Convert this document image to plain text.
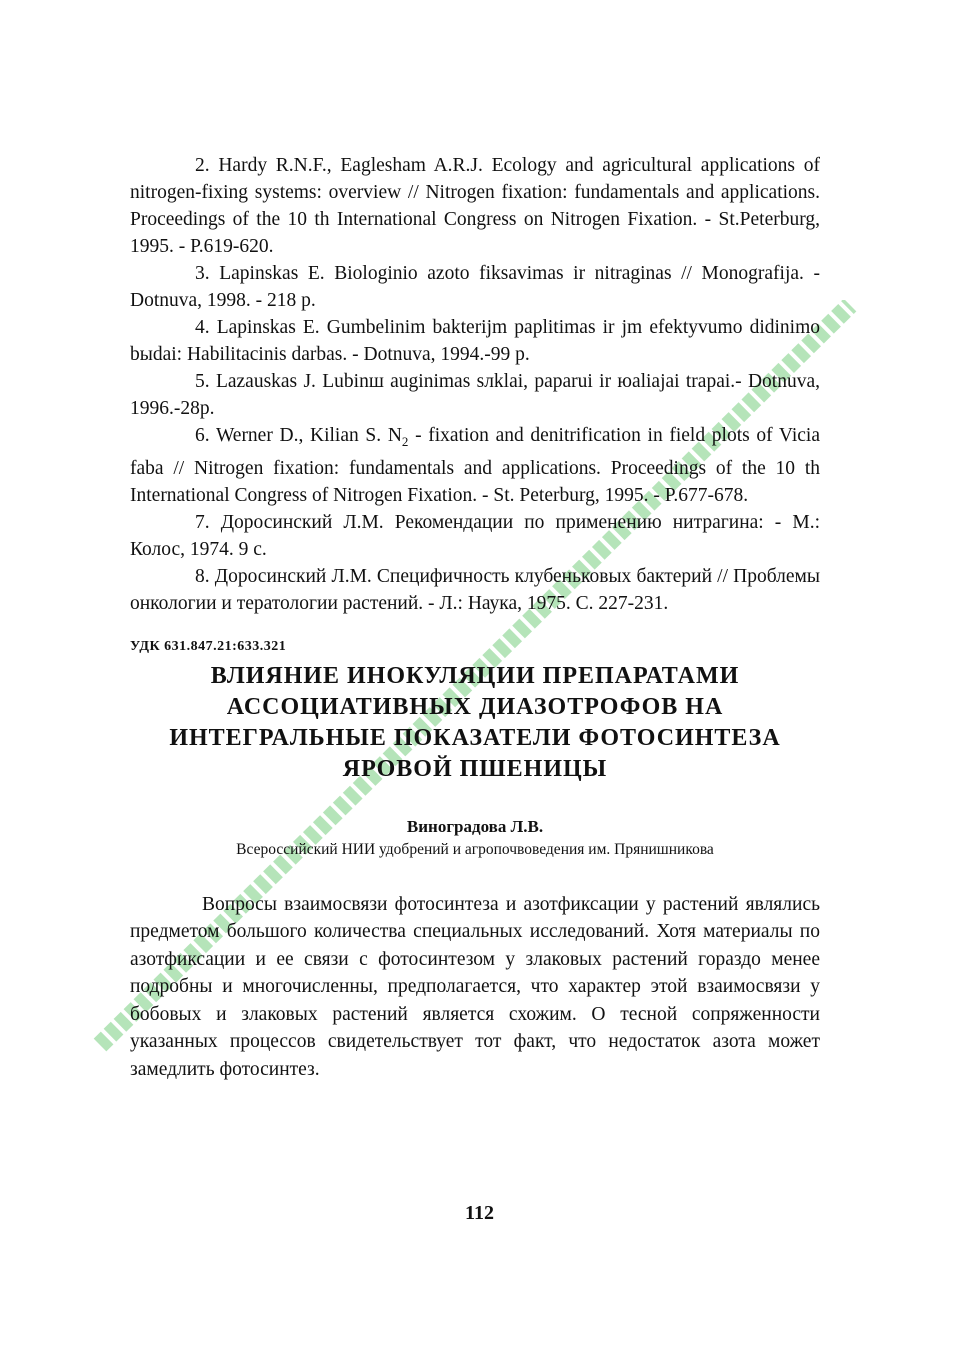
2. Hardy R.N.F., Eaglesham A.R.J. Ecology and agricultural applications of nitrogen-fixing systems: overview // Nitrogen fixation: fundamentals and applications. Proceedings of the 10 th International Congress on Nitrogen Fixation. - St.Peterburg, 1995. - P.619-620.

3. Lapinskas E. Biologinio azoto fiksavimas ir nitraginas // Monografija. - Dotnuva, 1998. - 218 p.

4. Lapinskas E. Gumbelinim bakterijm paplitimas ir jm efektyvumo didinimo bыdai: Habilitacinis darbas. - Dotnuva, 1994.-99 p.

5. Lazauskas J. Lubinш auginimas sлklai, paparui ir юaliajai trapai.- Dotnuva, 1996.-28p.

6. Werner D., Kilian S. $N_2$ - fixation and denitrification in field plots of Vicia faba // Nitrogen fixation: fundamentals and applications. Proceedings of the 10 th International Congress of Nitrogen Fixation. - St. Peterburg, 1995. - P.677-678.

7. Доросинский Л.М. Рекомендации по применению нитрагина: - М.: Колос, 1974. 9 с.

8. Доросинский Л.М. Специфичность клубеньковых бактерий // Проблемы онкологии и тератологии растений. - Л.: Наука, 1975. С. 227-231.

УДК 631.847.21:633.321
ВЛИЯНИЕ ИНОКУЛЯЦИИ ПРЕПАРАТАМИ АССОЦИАТИВНЫХ ДИАЗОТРОФОВ НА ИНТЕГРАЛЬНЫЕ ПОКАЗАТЕЛИ ФОТОСИНТЕЗА ЯРОВОЙ ПШЕНИЦЫ
Виноградова Л.В.
Всероссийский НИИ удобрений и агропочвоведения им. Прянишникова

Вопросы взаимосвязи фотосинтеза и азотфиксации у растений являлись предметом большого количества специальных исследований. Хотя материалы по азотфиксации и ее связи с фотосинтезом у злаковых растений гораздо менее подробны и многочисленны, предполагается, что характер этой взаимосвязи у бобовых и злаковых растений является схожим. О тесной сопряженности указанных процессов свидетельствует тот факт, что недостаток азота может замедлить фотосинтез.

112
